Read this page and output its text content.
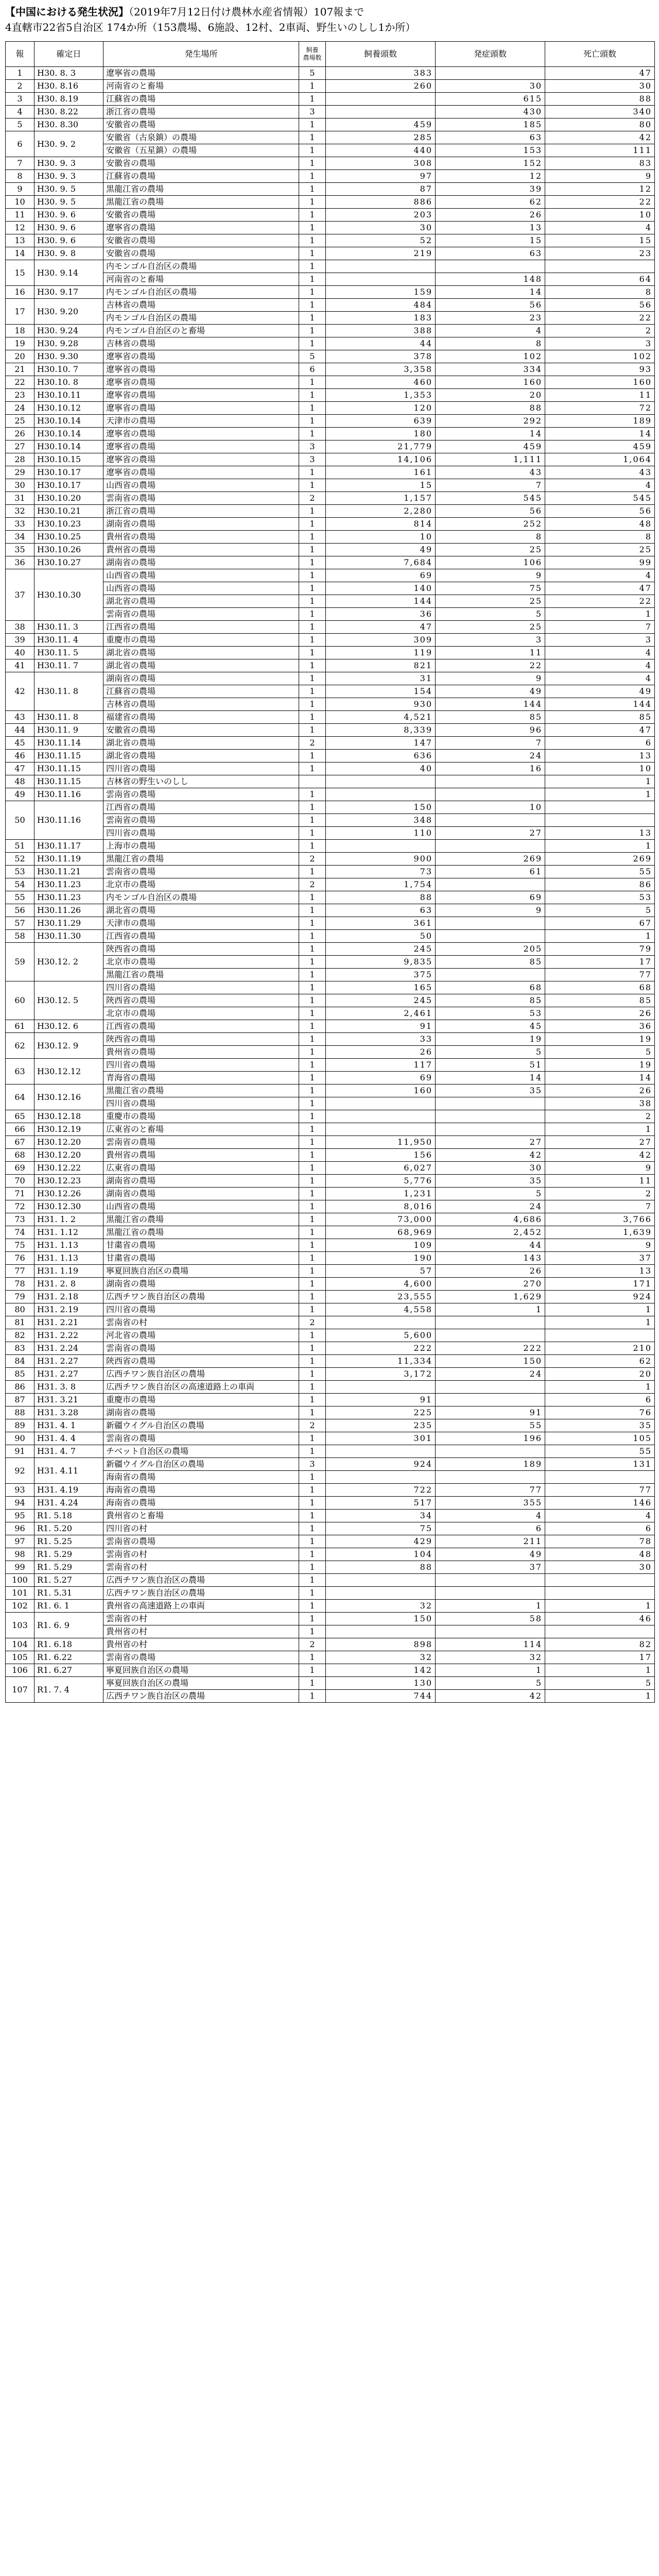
【中国における発生状況】（2019年7月12日付け農林水産省情報）107報まで
4直轄市22省5自治区 174か所（153農場、6施設、12村、2車両、野生いのしし1か所）
報	確定日	発生場所	飼養
農場数	飼養頭数	発症頭数	死亡頭数
1	H30. 8. 3	遼寧省の農場	5	383		47
2	H30. 8.16	河南省のと畜場	1	260	30	30
3	H30. 8.19	江蘇省の農場	1		615	88
4	H30. 8.22	浙江省の農場	3		430	340
5	H30. 8.30	安徽省の農場	1	459	185	80
6	H30. 9. 2	安徽省（古泉鎮）の農場	1	285	63	42
		安徽省（五星鎮）の農場	1	440	153	111
7	H30. 9. 3	安徽省の農場	1	308	152	83
8	H30. 9. 3	江蘇省の農場	1	97	12	9
9	H30. 9. 5	黒龍江省の農場	1	87	39	12
10	H30. 9. 5	黒龍江省の農場	1	886	62	22
11	H30. 9. 6	安徽省の農場	1	203	26	10
12	H30. 9. 6	遼寧省の農場	1	30	13	4
13	H30. 9. 6	安徽省の農場	1	52	15	15
14	H30. 9. 8	安徽省の農場	1	219	63	23
15	H30. 9.14	内モンゴル自治区の農場	1			
		河南省のと畜場	1		148	64
16	H30. 9.17	内モンゴル自治区の農場	1	159	14	8
17	H30. 9.20	吉林省の農場	1	484	56	56
		内モンゴル自治区の農場	1	183	23	22
18	H30. 9.24	内モンゴル自治区のと畜場	1	388	4	2
19	H30. 9.28	吉林省の農場	1	44	8	3
20	H30. 9.30	遼寧省の農場	5	378	102	102
21	H30.10. 7	遼寧省の農場	6	3,358	334	93
22	H30.10. 8	遼寧省の農場	1	460	160	160
23	H30.10.11	遼寧省の農場	1	1,353	20	11
24	H30.10.12	遼寧省の農場	1	120	88	72
25	H30.10.14	天津市の農場	1	639	292	189
26	H30.10.14	遼寧省の農場	1	180	14	14
27	H30.10.14	遼寧省の農場	3	21,779	459	459
28	H30.10.15	遼寧省の農場	3	14,106	1,111	1,064
29	H30.10.17	遼寧省の農場	1	161	43	43
30	H30.10.17	山西省の農場	1	15	7	4
31	H30.10.20	雲南省の農場	2	1,157	545	545
32	H30.10.21	浙江省の農場	1	2,280	56	56
33	H30.10.23	湖南省の農場	1	814	252	48
34	H30.10.25	貴州省の農場	1	10	8	8
35	H30.10.26	貴州省の農場	1	49	25	25
36	H30.10.27	湖南省の農場	1	7,684	106	99
37	H30.10.30	山西省の農場	1	69	9	4
		山西省の農場	1	140	75	47
		湖北省の農場	1	144	25	22
		雲南省の農場	1	36	5	1
38	H30.11. 3	江西省の農場	1	47	25	7
39	H30.11. 4	重慶市の農場	1	309	3	3
40	H30.11. 5	湖北省の農場	1	119	11	4
41	H30.11. 7	湖北省の農場	1	821	22	4
42	H30.11. 8	湖南省の農場	1	31	9	4
		江蘇省の農場	1	154	49	49
		吉林省の農場	1	930	144	144
43	H30.11. 8	福建省の農場	1	4,521	85	85
44	H30.11. 9	安徽省の農場	1	8,339	96	47
45	H30.11.14	湖北省の農場	2	147	7	6
46	H30.11.15	湖北省の農場	1	636	24	13
47	H30.11.15	四川省の農場	1	40	16	10
48	H30.11.15	吉林省の野生いのしし				1
49	H30.11.16	雲南省の農場	1			1
50	H30.11.16	江西省の農場	1	150	10	
		雲南省の農場	1	348		
		四川省の農場	1	110	27	13
51	H30.11.17	上海市の農場	1			1
52	H30.11.19	黒龍江省の農場	2	900	269	269
53	H30.11.21	雲南省の農場	1	73	61	55
54	H30.11.23	北京市の農場	2	1,754		86
55	H30.11.23	内モンゴル自治区の農場	1	88	69	53
56	H30.11.26	湖北省の農場	1	63	9	5
57	H30.11.29	天津市の農場	1	361		67
58	H30.11.30	江西省の農場	1	50		1
59	H30.12. 2	陝西省の農場	1	245	205	79
		北京市の農場	1	9,835	85	17
		黒龍江省の農場	1	375		77
60	H30.12. 5	四川省の農場	1	165	68	68
		陝西省の農場	1	245	85	85
		北京市の農場	1	2,461	53	26
61	H30.12. 6	江西省の農場	1	91	45	36
62	H30.12. 9	陝西省の農場	1	33	19	19
		貴州省の農場	1	26	5	5
63	H30.12.12	四川省の農場	1	117	51	19
		青海省の農場	1	69	14	14
64	H30.12.16	黒龍江省の農場	1	160	35	26
		四川省の農場	1			38
65	H30.12.18	重慶市の農場	1			2
66	H30.12.19	広東省のと畜場	1			1
67	H30.12.20	雲南省の農場	1	11,950	27	27
68	H30.12.20	貴州省の農場	1	156	42	42
69	H30.12.22	広東省の農場	1	6,027	30	9
70	H30.12.23	湖南省の農場	1	5,776	35	11
71	H30.12.26	湖南省の農場	1	1,231	5	2
72	H30.12.30	山西省の農場	1	8,016	24	7
73	H31. 1. 2	黒龍江省の農場	1	73,000	4,686	3,766
74	H31. 1.12	黒龍江省の農場	1	68,969	2,452	1,639
75	H31. 1.13	甘粛省の農場	1	109	44	9
76	H31. 1.13	甘粛省の農場	1	190	143	37
77	H31. 1.19	寧夏回族自治区の農場	1	57	26	13
78	H31. 2. 8	湖南省の農場	1	4,600	270	171
79	H31. 2.18	広西チワン族自治区の農場	1	23,555	1,629	924
80	H31. 2.19	四川省の農場	1	4,558	1	1
81	H31. 2.21	雲南省の村	2			1
82	H31. 2.22	河北省の農場	1	5,600		
83	H31. 2.24	雲南省の農場	1	222	222	210
84	H31. 2.27	陝西省の農場	1	11,334	150	62
85	H31. 2.27	広西チワン族自治区の農場	1	3,172	24	20
86	H31. 3. 8	広西チワン族自治区の高速道路上の車両	1			1
87	H31. 3.21	重慶市の農場	1	91		6
88	H31. 3.28	湖南省の農場	1	225	91	76
89	H31. 4. 1	新疆ウイグル自治区の農場	2	235	55	35
90	H31. 4. 4	雲南省の農場	1	301	196	105
91	H31. 4. 7	チベット自治区の農場	1			55
92	H31. 4.11	新疆ウイグル自治区の農場	3	924	189	131
		海南省の農場	1			
93	H31. 4.19	海南省の農場	1	722	77	77
94	H31. 4.24	海南省の農場	1	517	355	146
95	R1. 5.18	貴州省のと畜場	1	34	4	4
96	R1. 5.20	四川省の村	1	75	6	6
97	R1. 5.25	雲南省の農場	1	429	211	78
98	R1. 5.29	雲南省の村	1	104	49	48
99	R1. 5.29	雲南省の村	1	88	37	30
100	R1. 5.27	広西チワン族自治区の農場	1			
101	R1. 5.31	広西チワン族自治区の農場	1			
102	R1. 6. 1	貴州省の高速道路上の車両	1	32	1	1
103	R1. 6. 9	雲南省の村	1	150	58	46
		貴州省の村	1			
104	R1. 6.18	貴州省の村	2	898	114	82
105	R1. 6.22	雲南省の農場	1	32	32	17
106	R1. 6.27	寧夏回族自治区の農場	1	142	1	1
107	R1. 7. 4	寧夏回族自治区の農場	1	130	5	5
		広西チワン族自治区の農場	1	744	42	1
